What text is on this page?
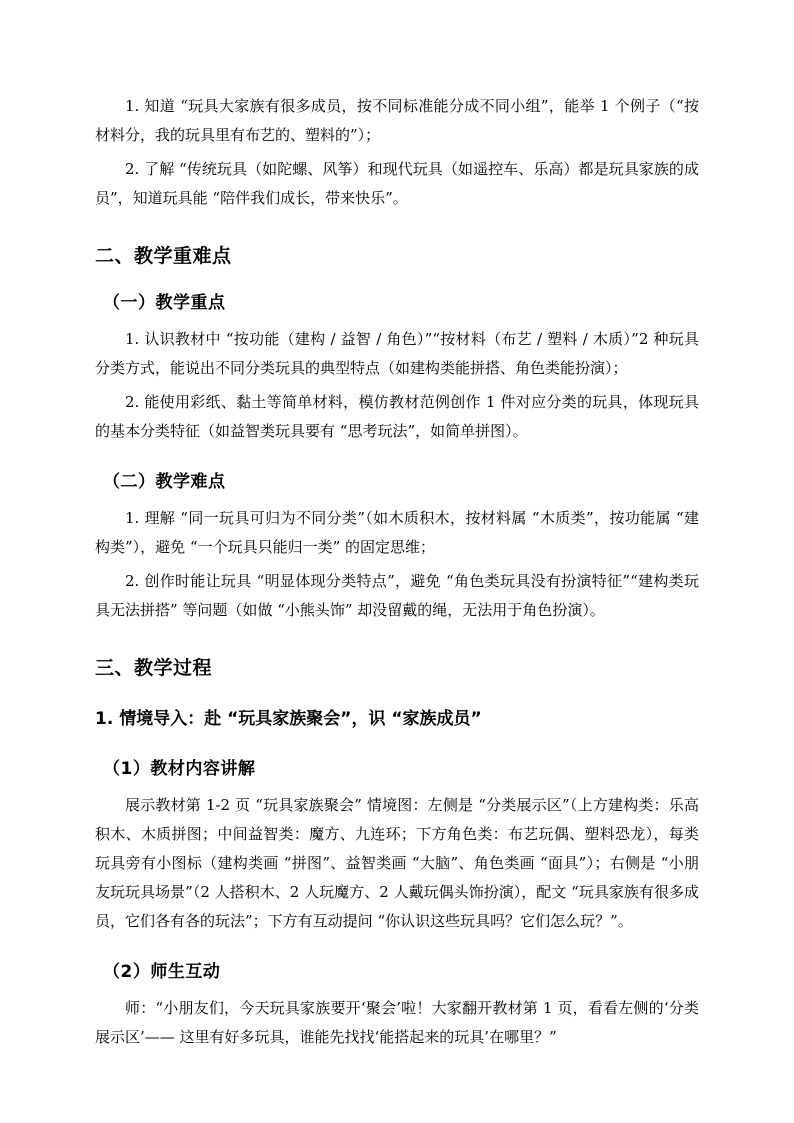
1. 知道 “玩具大家族有很多成员，按不同标准能分成不同小组”，能举 1 个例子（“按材料分，我的玩具里有布艺的、塑料的”）；

2. 了解 “传统玩具（如陀螺、风筝）和现代玩具（如遥控车、乐高）都是玩具家族的成员”，知道玩具能 “陪伴我们成长，带来快乐”。

二、教学重难点
（一）教学重点

1. 认识教材中 “按功能（建构 / 益智 / 角色）”“按材料（布艺 / 塑料 / 木质）”2 种玩具分类方式，能说出不同分类玩具的典型特点（如建构类能拼搭、角色类能扮演）；

2. 能使用彩纸、黏土等简单材料，模仿教材范例创作 1 件对应分类的玩具，体现玩具的基本分类特征（如益智类玩具要有 “思考玩法”，如简单拼图）。

（二）教学难点

1. 理解 “同一玩具可归为不同分类”（如木质积木，按材料属 “木质类”，按功能属 “建构类”），避免 “一个玩具只能归一类” 的固定思维；

2. 创作时能让玩具 “明显体现分类特点”，避免 “角色类玩具没有扮演特征”“建构类玩具无法拼搭” 等问题（如做 “小熊头饰” 却没留戴的绳，无法用于角色扮演）。

三、教学过程
1. 情境导入：赴 “玩具家族聚会”，识 “家族成员”
（1）教材内容讲解

展示教材第 1-2 页 “玩具家族聚会” 情境图：左侧是 “分类展示区”（上方建构类：乐高积木、木质拼图；中间益智类：魔方、九连环；下方角色类：布艺玩偶、塑料恐龙），每类玩具旁有小图标（建构类画 “拼图”、益智类画 “大脑”、角色类画 “面具”）；右侧是 “小朋友玩玩具场景”（2 人搭积木、2 人玩魔方、2 人戴玩偶头饰扮演），配文 “玩具家族有很多成员，它们各有各的玩法”；下方有互动提问 “你认识这些玩具吗？它们怎么玩？”。

（2）师生互动

师：“小朋友们，今天玩具家族要开‘聚会’啦！大家翻开教材第 1 页，看看左侧的‘分类展示区’—— 这里有好多玩具，谁能先找找‘能搭起来的玩具’在哪里？”
